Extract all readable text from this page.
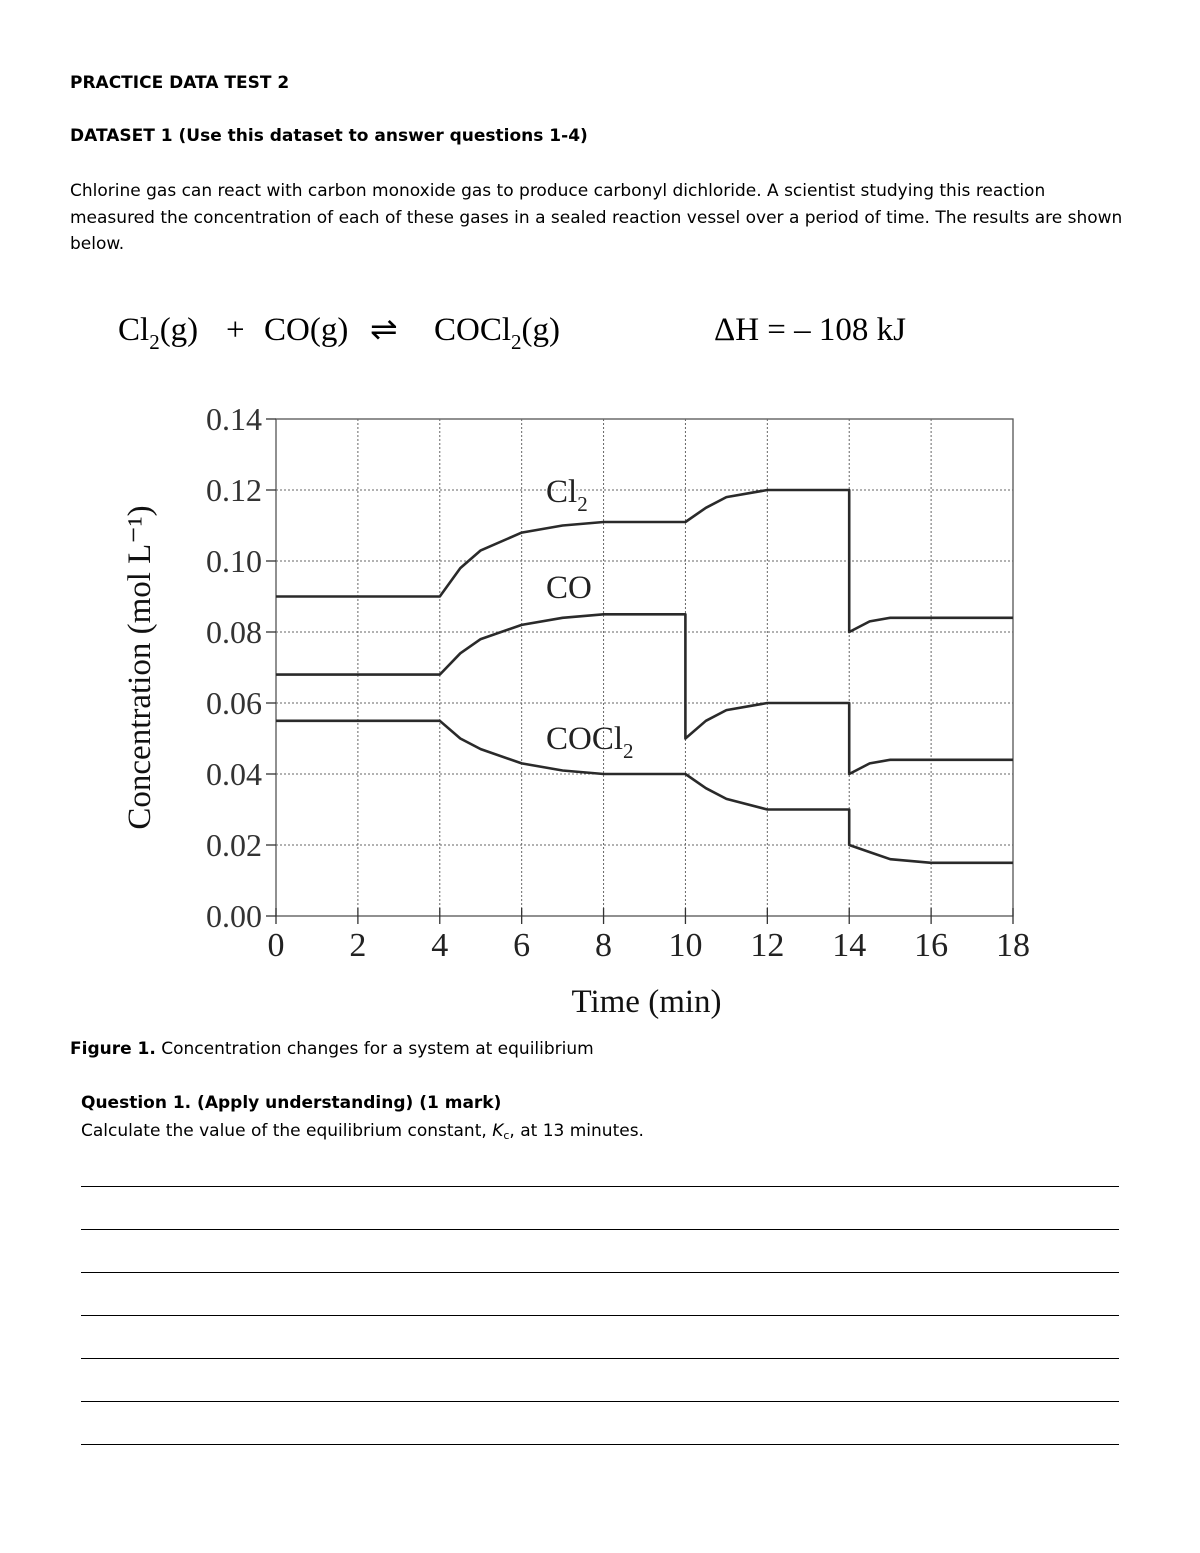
PRACTICE DATA TEST 2
DATASET 1 (Use this dataset to answer questions 1-4)
Chlorine gas can react with carbon monoxide gas to produce carbonyl dichloride. A scientist studying this reaction measured the concentration of each of these gases in a sealed reaction vessel over a period of time. The results are shown below.
$Cl_2(g) + CO(g)$ ⇌ COCl$_2$(g)	ΔH = – 108 kJ
0 2 4 6 8 10 12 14 16 18
0.00
0.02
0.04
0.06
0.08
0.10
0.12
0.14
Time (min)
Concentration (mol L⁻¹)
$Cl_2$
CO
COCl$_2$
Figure 1. Concentration changes for a system at equilibrium
Question 1. (Apply understanding) (1 mark)
Calculate the value of the equilibrium constant, $K_c$, at 13 minutes.
